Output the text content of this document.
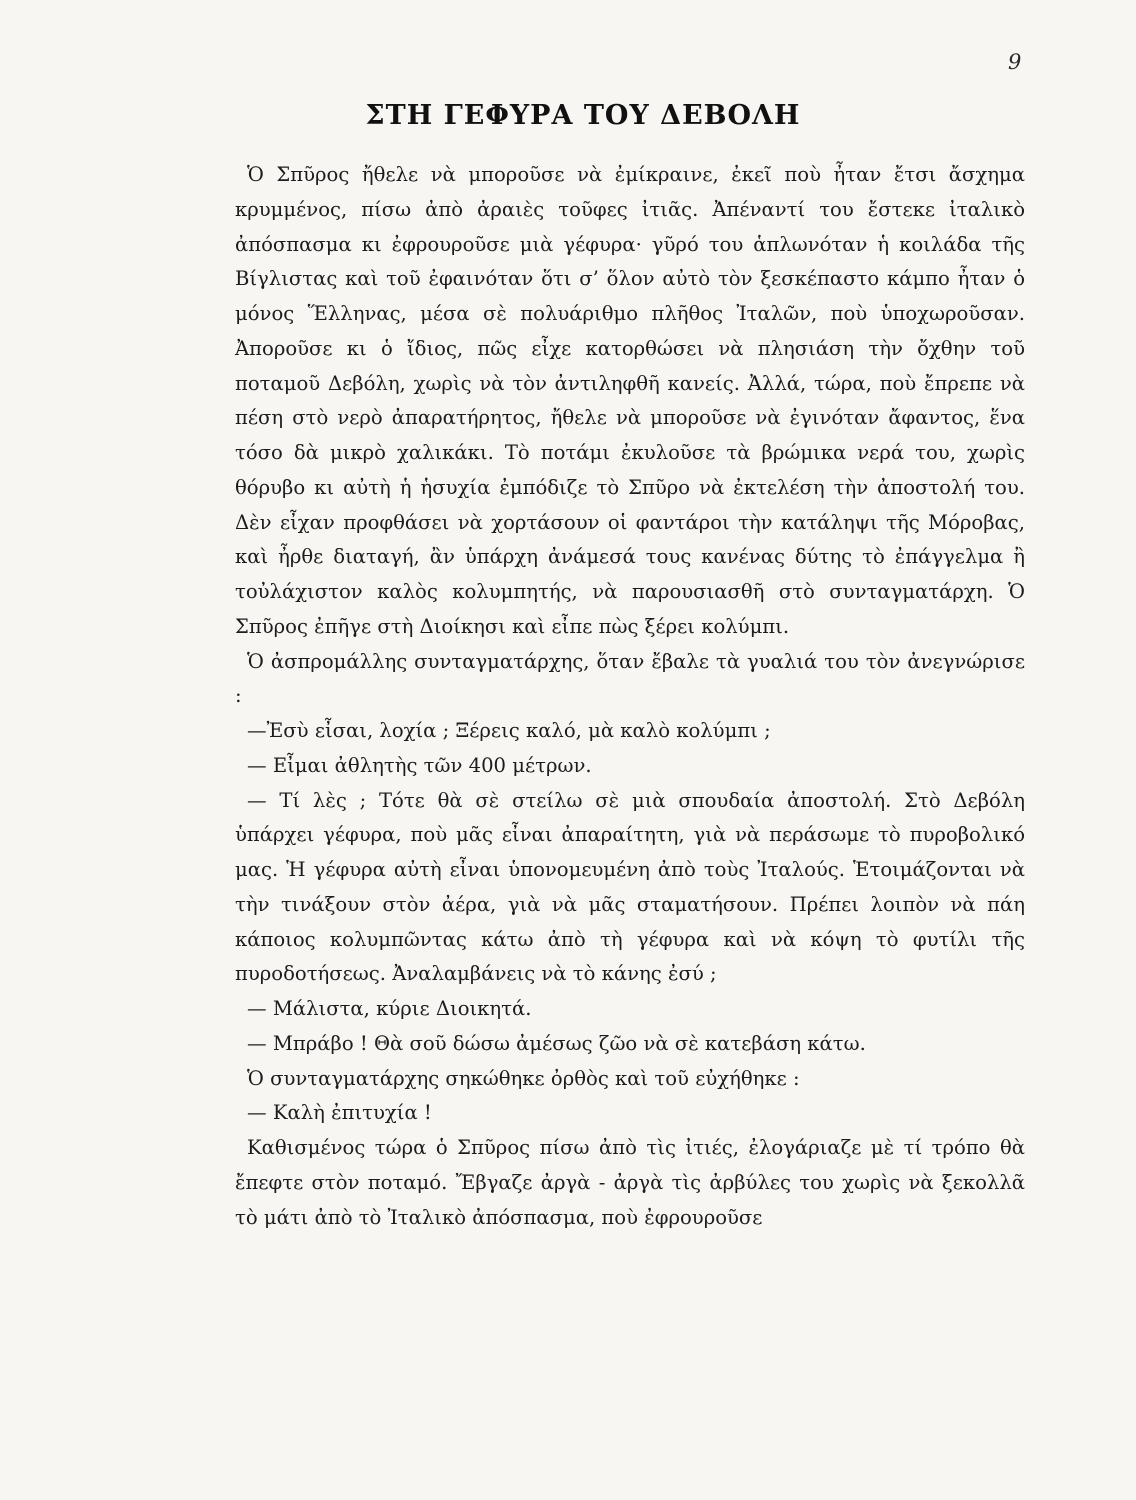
9
ΣΤΗ ΓΕΦΥΡΑ ΤΟΥ ΔΕΒΟΛΗ

Ὁ Σπῦρος ἤθελε νὰ μποροῦσε νὰ ἐμίκραινε, ἐκεῖ ποὺ ἦταν ἔτσι ἄσχημα κρυμμένος, πίσω ἀπὸ ἀραιὲς τοῦφες ἰτιᾶς. Ἀπέναντί του ἔστεκε ἰταλικὸ ἀπόσπασμα κι ἐφρουροῦσε μιὰ γέφυρα· γῦρό του ἁπλωνόταν ἡ κοιλάδα τῆς Βίγλιστας καὶ τοῦ ἐφαινόταν ὅτι σ’ ὅλον αὐτὸ τὸν ξεσκέπαστο κάμπο ἦταν ὁ μόνος Ἕλληνας, μέσα σὲ πολυάριθμο πλῆθος Ἰταλῶν, ποὺ ὑποχωροῦσαν. Ἀποροῦσε κι ὁ ἴδιος, πῶς εἶχε κατορθώσει νὰ πλησιάση τὴν ὄχθην τοῦ ποταμοῦ Δεβόλη, χωρὶς νὰ τὸν ἀντιληφθῆ κανείς. Ἀλλά, τώρα, ποὺ ἔπρεπε νὰ πέση στὸ νερὸ ἀπαρατήρητος, ἤθελε νὰ μποροῦσε νὰ ἐγινόταν ἄφαντος, ἕνα τόσο δὰ μικρὸ χαλικάκι. Τὸ ποτάμι ἐκυλοῦσε τὰ βρώμικα νερά του, χωρὶς θόρυβο κι αὐτὴ ἡ ἡσυχία ἐμπόδιζε τὸ Σπῦρο νὰ ἐκτελέση τὴν ἀποστολή του. Δὲν εἶχαν προφθάσει νὰ χορτάσουν οἱ φαντάροι τὴν κατάληψι τῆς Μόροβας, καὶ ἦρθε διαταγή, ἂν ὑπάρχη ἀνάμεσά τους κανένας δύτης τὸ ἐπάγγελμα ἢ τοὐλάχιστον καλὸς κολυμπητής, νὰ παρουσιασθῆ στὸ συνταγματάρχη. Ὁ Σπῦρος ἐπῆγε στὴ Διοίκησι καὶ εἶπε πὼς ξέρει κολύμπι.

Ὁ ἀσπρομάλλης συνταγματάρχης, ὅταν ἔβαλε τὰ γυαλιά του τὸν ἀνεγνώρισε :

—Ἐσὺ εἶσαι, λοχία ; Ξέρεις καλό, μὰ καλὸ κολύμπι ;

— Εἶμαι ἀθλητὴς τῶν 400 μέτρων.

— Τί λὲς ; Τότε θὰ σὲ στείλω σὲ μιὰ σπουδαία ἀποστολή. Στὸ Δεβόλη ὑπάρχει γέφυρα, ποὺ μᾶς εἶναι ἀπαραίτητη, γιὰ νὰ περάσωμε τὸ πυροβολικό μας. Ἡ γέφυρα αὐτὴ εἶναι ὑπονομευμένη ἀπὸ τοὺς Ἰταλούς. Ἑτοιμάζονται νὰ τὴν τινάξουν στὸν ἀέρα, γιὰ νὰ μᾶς σταματήσουν. Πρέπει λοιπὸν νὰ πάη κάποιος κολυμπῶντας κάτω ἀπὸ τὴ γέφυρα καὶ νὰ κόψη τὸ φυτίλι τῆς πυροδοτήσεως. Ἀναλαμβάνεις νὰ τὸ κάνης ἐσύ ;

— Μάλιστα, κύριε Διοικητά.

— Μπράβο ! Θὰ σοῦ δώσω ἀμέσως ζῶο νὰ σὲ κατεβάση κάτω.

Ὁ συνταγματάρχης σηκώθηκε ὀρθὸς καὶ τοῦ εὐχήθηκε :

— Καλὴ ἐπιτυχία !

Καθισμένος τώρα ὁ Σπῦρος πίσω ἀπὸ τὶς ἰτιές, ἐλογάριαζε μὲ τί τρόπο θὰ ἔπεφτε στὸν ποταμό. Ἔβγαζε ἀργὰ - ἀργὰ τὶς ἀρβύλες του χωρὶς νὰ ξεκολλᾶ τὸ μάτι ἀπὸ τὸ Ἰταλικὸ ἀπόσπασμα, ποὺ ἐφρουροῦσε
